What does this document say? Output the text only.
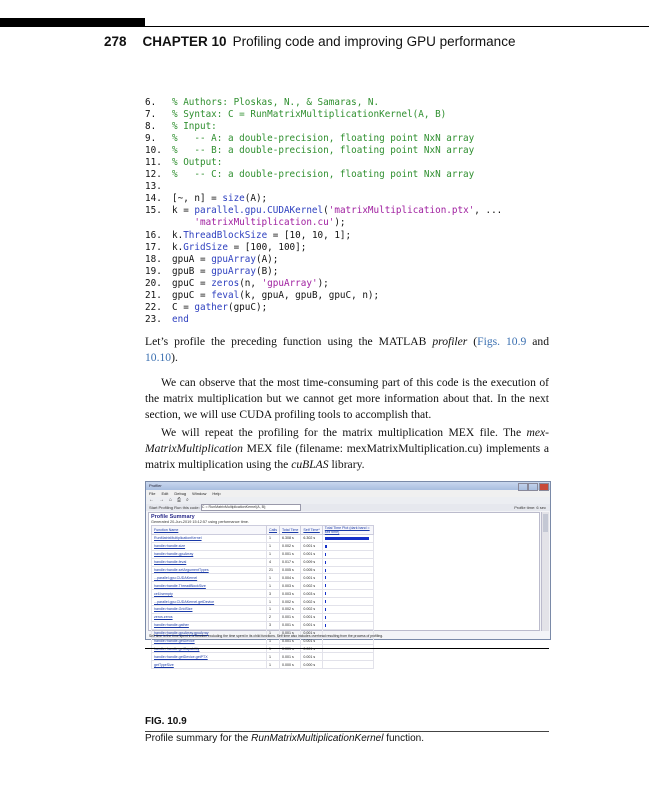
278 CHAPTER 10 Profiling code and improving GPU performance
6. % Authors: Ploskas, N., & Samaras, N.
7. % Syntax: C = RunMatrixMultiplicationKernel(A, B)
8. % Input:
9. %   -- A: a double-precision, floating point NxN array
10. %   -- B: a double-precision, floating point NxN array
11. % Output:
12. %   -- C: a double-precision, floating point NxN array
13.
14. [~, n] = size(A);
15. k = parallel.gpu.CUDAKernel('matrixMultiplication.ptx', ...
'matrixMultiplication.cu');
16. k.ThreadBlockSize = [10, 10, 1];
17. k.GridSize = [100, 100];
18. gpuA = gpuArray(A);
19. gpuB = gpuArray(B);
20. gpuC = zeros(n, 'gpuArray');
21. gpuC = feval(k, gpuA, gpuB, gpuC, n);
22. C = gather(gpuC);
23. end

Let’s profile the preceding function using the MATLAB profiler (Figs. 10.9 and 10.10).

We can observe that the most time-consuming part of this code is the execution of the matrix multiplication but we cannot get more information about that. In the next section, we will use CUDA profiling tools to accomplish that.

We will repeat the profiling for the matrix multiplication MEX file. The mex-MatrixMultiplication MEX file (filename: mexMatrixMultiplication.cu) implements a matrix multiplication using the cuBLAS library.

Profiler
File Edit Debug Window Help
← → ⌂ ⎙ ⌕
Start Profiling Run this code: C = RunMatrixMultiplicationKernel(A, B);	Profile time: 6 sec
Profile Summary
Generated 20-Jun-2019 15:12:57 using performance time.
Function Name	Calls	Total Time	Self Time*	Total Time Plot (dark band = self time)
RunMatrixMultiplicationKernel	1	6.308 s	6.302 s	

handle>handle.size	1	0.002 s	0.001 s	

handle>handle.gpuArray	1	0.001 s	0.001 s	

handle>handle.feval	4	0.017 s	0.009 s	

handle>handle.setArgumentTypes	21	0.005 s	0.005 s	

...parallel.gpu.CUDAKernel	1	0.004 s	0.001 s	

handle>handle.ThreadBlockSize	1	0.003 s	0.002 s	

cell.isempty	3	0.003 s	0.003 s	

...parallel.gpu.CUDAKernel.getDevice	1	0.002 s	0.002 s	

handle>handle.GridSize	1	0.002 s	0.002 s	

zeros.zeros	2	0.001 s	0.001 s	

handle>handle.gather	3	0.001 s	0.001 s	

handle>handle.gpuArray.gpuArray	1	0.001 s	0.001 s	

handle>handle.getDevice	1	0.001 s	0.001 s	

handle>handle.getDevice.getPTX	1	0.001 s	0.001 s	

getTypeSize	1	0.000 s	0.000 s	
Self time is the time spent in a function excluding the time spent in its child functions. Self time also includes overhead resulting from the process of profiling.
FIG. 10.9
Profile summary for the RunMatrixMultiplicationKernel function.
